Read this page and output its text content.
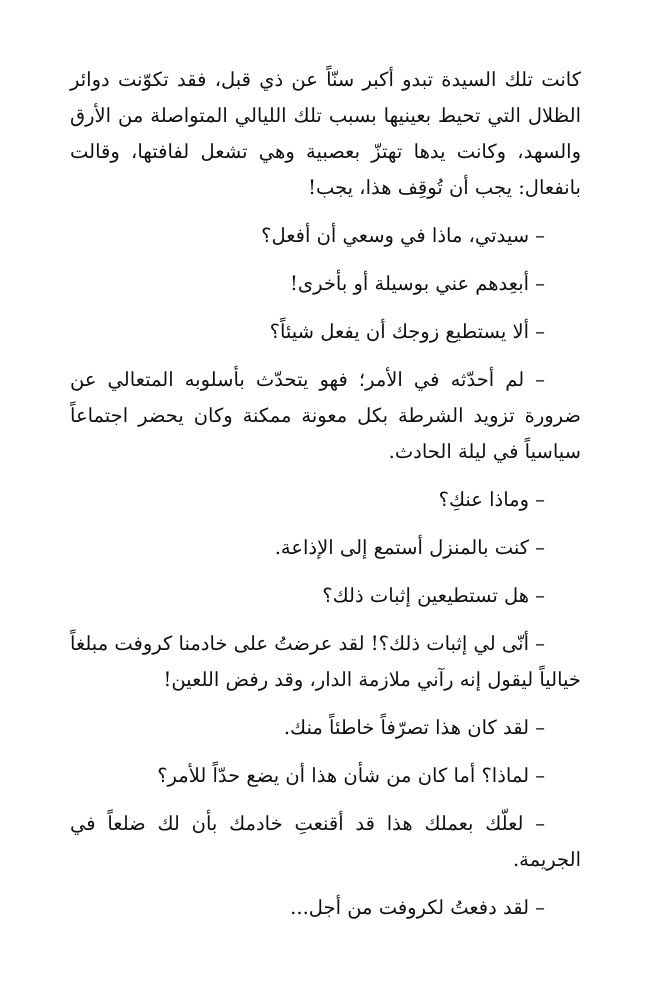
كانت تلك السيدة تبدو أكبر سنّاً عن ذي قبل، فقد تكوّنت دوائر الظلال التي تحيط بعينيها بسبب تلك الليالي المتواصلة من الأرق والسهد، وكانت يدها تهتزّ بعصبية وهي تشعل لفافتها، وقالت بانفعال: يجب أن تُوقِف هذا، يجب!

– سيدتي، ماذا في وسعي أن أفعل؟

– أبعِدهم عني بوسيلة أو بأخرى!

– ألا يستطيع زوجك أن يفعل شيئاً؟

– لم أحدّثه في الأمر؛ فهو يتحدّث بأسلوبه المتعالي عن ضرورة تزويد الشرطة بكل معونة ممكنة وكان يحضر اجتماعاً سياسياً في ليلة الحادث.

– وماذا عنكِ؟

– كنت بالمنزل أستمع إلى الإذاعة.

– هل تستطيعين إثبات ذلك؟

– أنّى لي إثبات ذلك؟! لقد عرضتُ على خادمنا كروفت مبلغاً خيالياً ليقول إنه رآني ملازمة الدار، وقد رفض اللعين!

– لقد كان هذا تصرّفاً خاطئاً منك.

– لماذا؟ أما كان من شأن هذا أن يضع حدّاً للأمر؟

– لعلّك بعملك هذا قد أقنعتِ خادمك بأن لك ضلعاً في الجريمة.

– لقد دفعتُ لكروفت من أجل...
